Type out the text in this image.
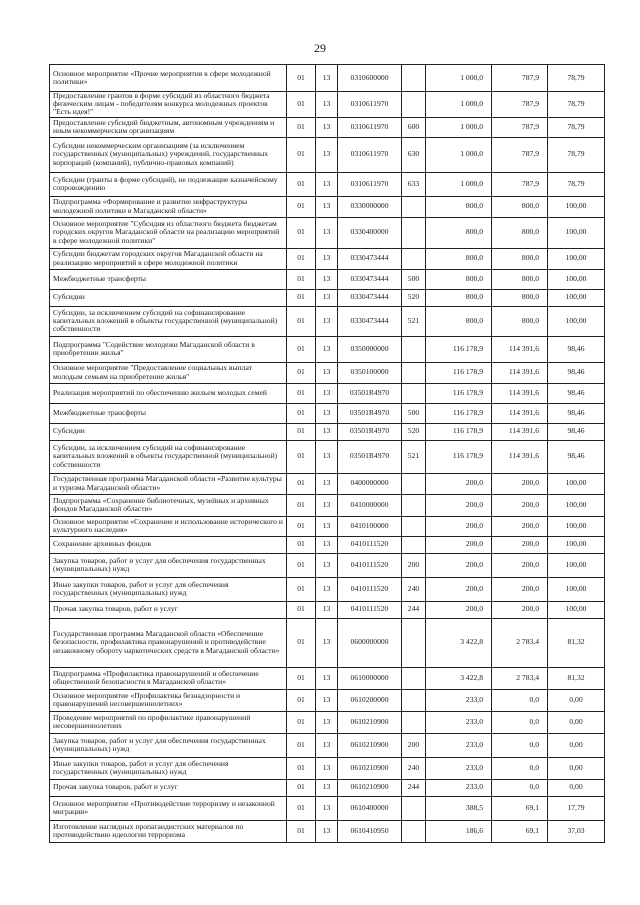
29
Основное мероприятие «Прочие мероприятия в сфере молодежной политики»	01	13	0310600000		1 000,0	787,9	78,79
Предоставление грантов в форме субсидий из областного бюджета физическим лицам - победителям конкурса молодежных проектов "Есть идея!"	01	13	0310611970		1 000,0	787,9	78,79
Предоставление субсидий бюджетным, автономным учреждениям и иным некоммерческим организациям	01	13	0310611970	600	1 000,0	787,9	78,79
Субсидии некоммерческим организациям (за исключением государственных (муниципальных) учреждений, государственных корпораций (компаний), публично-правовых компаний)	01	13	0310611970	630	1 000,0	787,9	78,79
Субсидии (гранты в форме субсидий), не подлежащие казначейскому сопровождению	01	13	0310611970	633	1 000,0	787,9	78,79
Подпрограмма «Формирование и развитие инфраструктуры молодежной политики в Магаданской области»	01	13	0330000000		800,0	800,0	100,00
Основное мероприятие "Субсидия из областного бюджета бюджетам городских округов Магаданской области на реализацию мероприятий в сфере молодежной политики"	01	13	0330400000		800,0	800,0	100,00
Субсидии бюджетам городских округов Магаданской области на реализацию мероприятий в сфере молодежной политики	01	13	0330473444		800,0	800,0	100,00
Межбюджетные трансферты	01	13	0330473444	500	800,0	800,0	100,00
Субсидии	01	13	0330473444	520	800,0	800,0	100,00
Субсидии, за исключением субсидий на софинансирование капитальных вложений в объекты государственной (муниципальной) собственности	01	13	0330473444	521	800,0	800,0	100,00
Подпрограмма "Содействие молодежи Магаданской области в приобретении жилья"	01	13	0350000000		116 178,9	114 391,6	98,46
Основное мероприятие "Предоставление социальных выплат молодым семьям на приобретение жилья"	01	13	0350100000		116 178,9	114 391,6	98,46
Реализация мероприятий по обеспечению жильем молодых семей	01	13	03501R4970		116 178,9	114 391,6	98,46
Межбюджетные трансферты	01	13	03501R4970	500	116 178,9	114 391,6	98,46
Субсидии	01	13	03501R4970	520	116 178,9	114 391,6	98,46
Субсидии, за исключением субсидий на софинансирование капитальных вложений в объекты государственной (муниципальной) собственности	01	13	03501R4970	521	116 178,9	114 391,6	98,46
Государственная программа Магаданской области «Развитие культуры и туризма Магаданской области»	01	13	0400000000		200,0	200,0	100,00
Подпрограмма «Сохранение библиотечных, музейных и архивных фондов Магаданской области»	01	13	0410000000		200,0	200,0	100,00
Основное мероприятие «Сохранение и использование исторического и культурного наследия»	01	13	0410100000		200,0	200,0	100,00
Сохранение архивных фондов	01	13	0410111520		200,0	200,0	100,00
Закупка товаров, работ и услуг для обеспечения государственных (муниципальных) нужд	01	13	0410111520	200	200,0	200,0	100,00
Иные закупки товаров, работ и услуг для обеспечения государственных (муниципальных) нужд	01	13	0410111520	240	200,0	200,0	100,00
Прочая закупка товаров, работ и услуг	01	13	0410111520	244	200,0	200,0	100,00
Государственная программа Магаданской области «Обеспечение безопасности, профилактика правонарушений и противодействие незаконному обороту наркотических средств в Магаданской области»	01	13	0600000000		3 422,8	2 783,4	81,32
Подпрограмма «Профилактика правонарушений и обеспечение общественной безопасности в Магаданской области»	01	13	0610000000		3 422,8	2 783,4	81,32
Основное мероприятие «Профилактика безнадзорности и правонарушений несовершеннолетних»	01	13	0610200000		233,0	0,0	0,00
Проведение мероприятий по профилактике правонарушений несовершеннолетних	01	13	0610210900		233,0	0,0	0,00
Закупка товаров, работ и услуг для обеспечения государственных (муниципальных) нужд	01	13	0610210900	200	233,0	0,0	0,00
Иные закупки товаров, работ и услуг для обеспечения государственных (муниципальных) нужд	01	13	0610210900	240	233,0	0,0	0,00
Прочая закупка товаров, работ и услуг	01	13	0610210900	244	233,0	0,0	0,00
Основное мероприятие «Противодействие терроризму и незаконной миграции»	01	13	0610400000		388,5	69,1	17,79
Изготовление наглядных пропагандистских материалов по противодействию идеологии терроризма	01	13	0610410950		186,6	69,1	37,03
